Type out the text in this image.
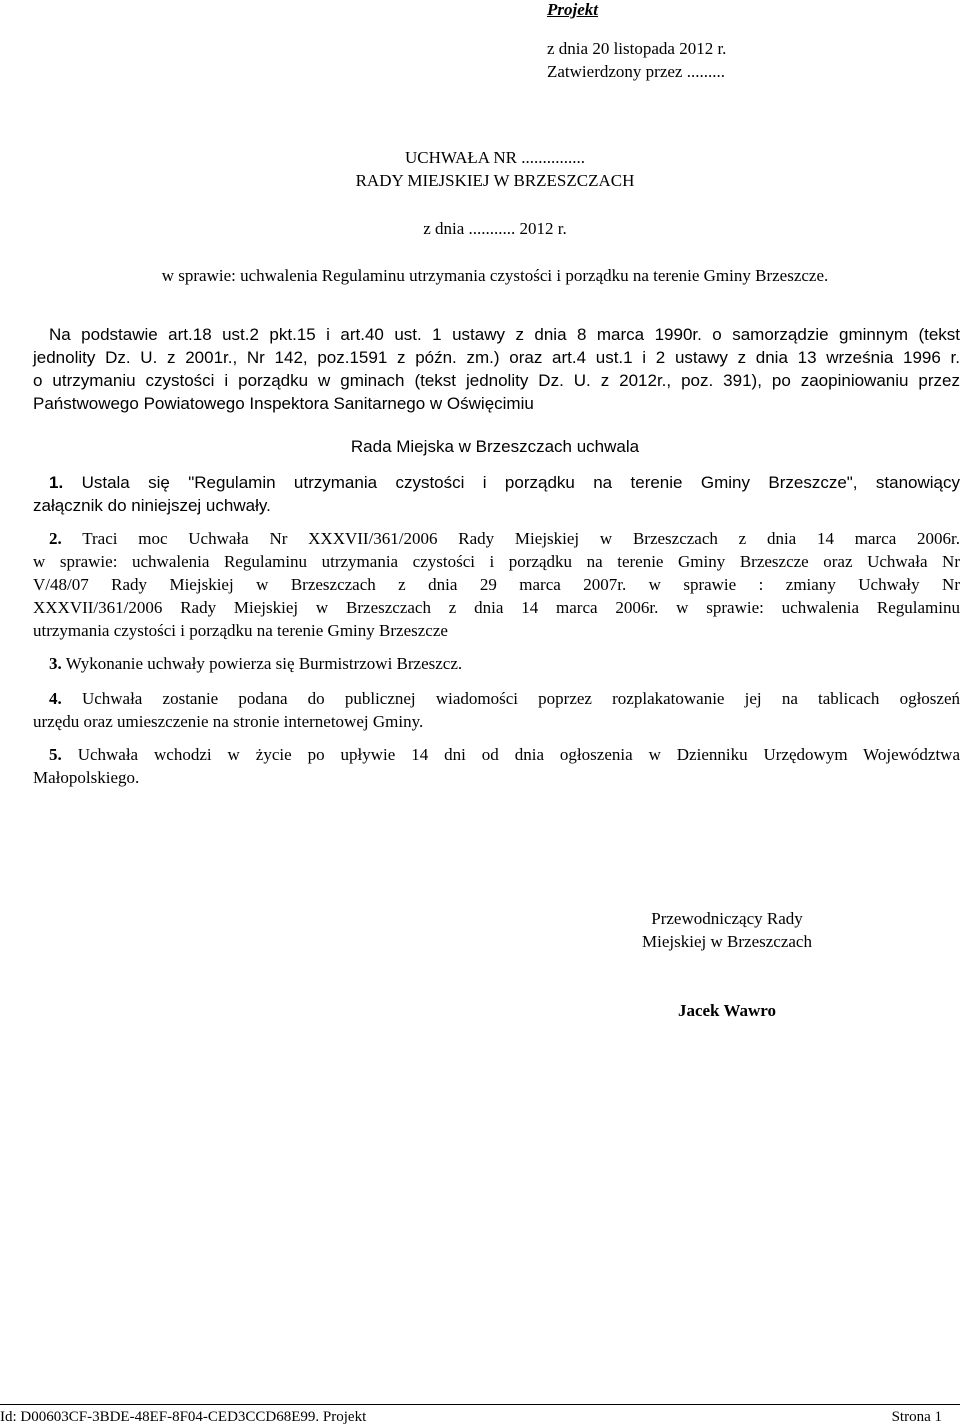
Projekt
z dnia 20 listopada 2012 r.
Zatwierdzony przez .........
UCHWAŁA NR ...............
RADY MIEJSKIEJ W BRZESZCZACH
z dnia ........... 2012 r.
w sprawie: uchwalenia Regulaminu utrzymania czystości i porządku na terenie Gminy Brzeszcze.
Na podstawie art.18 ust.2 pkt.15 i art.40 ust. 1 ustawy z dnia 8 marca 1990r. o samorządzie gminnym (tekst
jednolity Dz. U. z 2001r., Nr 142, poz.1591 z późn. zm.) oraz art.4 ust.1 i 2 ustawy z dnia 13 września 1996 r.
o utrzymaniu czystości i porządku w gminach (tekst jednolity Dz. U. z 2012r., poz. 391), po zaopiniowaniu przez
Państwowego Powiatowego Inspektora Sanitarnego w Oświęcimiu
Rada Miejska w Brzeszczach uchwala
1. Ustala się "Regulamin utrzymania czystości i porządku na terenie Gminy Brzeszcze", stanowiący
załącznik do niniejszej uchwały.
2. Traci moc Uchwała Nr XXXVII/361/2006 Rady Miejskiej w Brzeszczach z dnia 14 marca 2006r.
w sprawie: uchwalenia Regulaminu utrzymania czystości i porządku na terenie Gminy Brzeszcze oraz Uchwała Nr
V/48/07 Rady Miejskiej w Brzeszczach z dnia 29 marca 2007r. w sprawie : zmiany Uchwały Nr
XXXVII/361/2006 Rady Miejskiej w Brzeszczach z dnia 14 marca 2006r. w sprawie: uchwalenia Regulaminu
utrzymania czystości i porządku na terenie Gminy Brzeszcze
3. Wykonanie uchwały powierza się Burmistrzowi Brzeszcz.
4. Uchwała zostanie podana do publicznej wiadomości poprzez rozplakatowanie jej na tablicach ogłoszeń
urzędu oraz umieszczenie na stronie internetowej Gminy.
5. Uchwała wchodzi w życie po upływie 14 dni od dnia ogłoszenia w Dzienniku Urzędowym Województwa
Małopolskiego.
Przewodniczący Rady
Miejskiej w Brzeszczach
Jacek Wawro
Id: D00603CF-3BDE-48EF-8F04-CED3CCD68E99. Projekt	Strona 1
